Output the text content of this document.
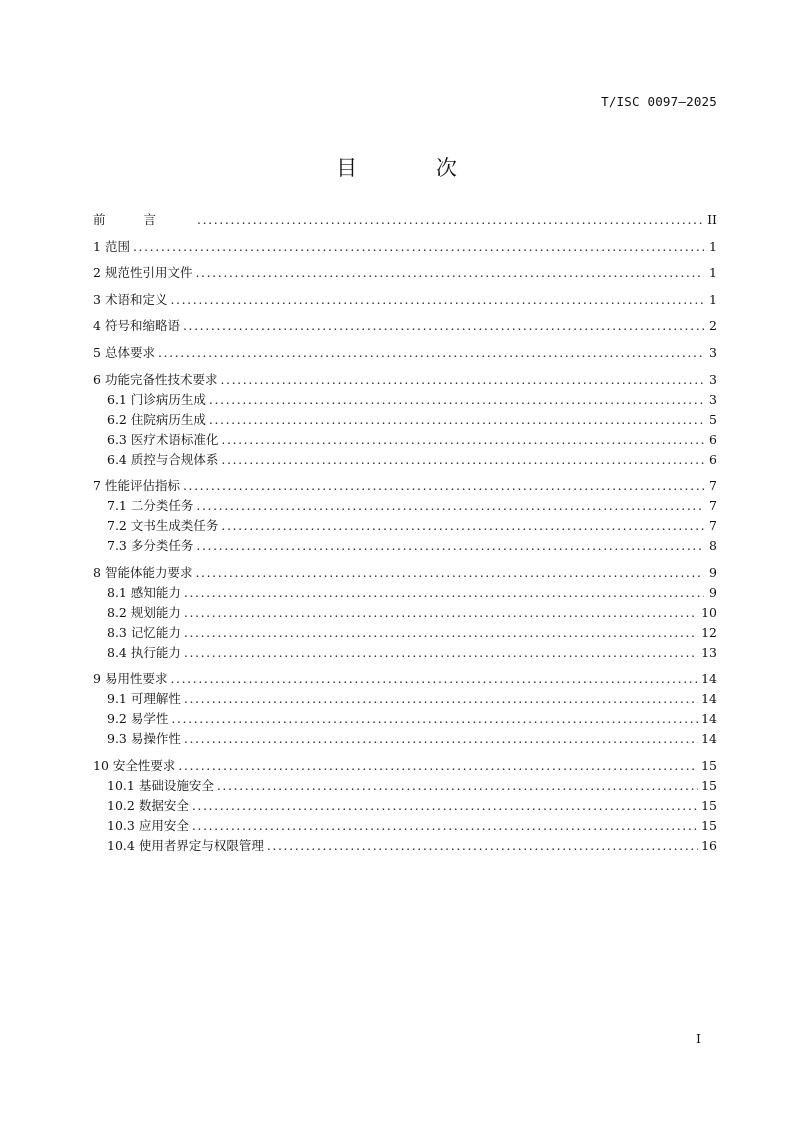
T/ISC 0097—2025
目 次
前言 .....	II
1 范围 .....	1
2 规范性引用文件 .....	1
3 术语和定义 .....	1
4 符号和缩略语 .....	2
5 总体要求 .....	3
6 功能完备性技术要求 .....	3
6.1 门诊病历生成 .....	3
6.2 住院病历生成 .....	5
6.3 医疗术语标准化 .....	6
6.4 质控与合规体系 .....	6
7 性能评估指标 .....	7
7.1 二分类任务 .....	7
7.2 文书生成类任务 .....	7
7.3 多分类任务 .....	8
8 智能体能力要求 .....	9
8.1 感知能力 .....	9
8.2 规划能力 .....	10
8.3 记忆能力 .....	12
8.4 执行能力 .....	13
9 易用性要求 .....	14
9.1 可理解性 .....	14
9.2 易学性 .....	14
9.3 易操作性 .....	14
10 安全性要求 .....	15
10.1 基础设施安全 .....	15
10.2 数据安全 .....	15
10.3 应用安全 .....	15
10.4 使用者界定与权限管理 .....	16
I
